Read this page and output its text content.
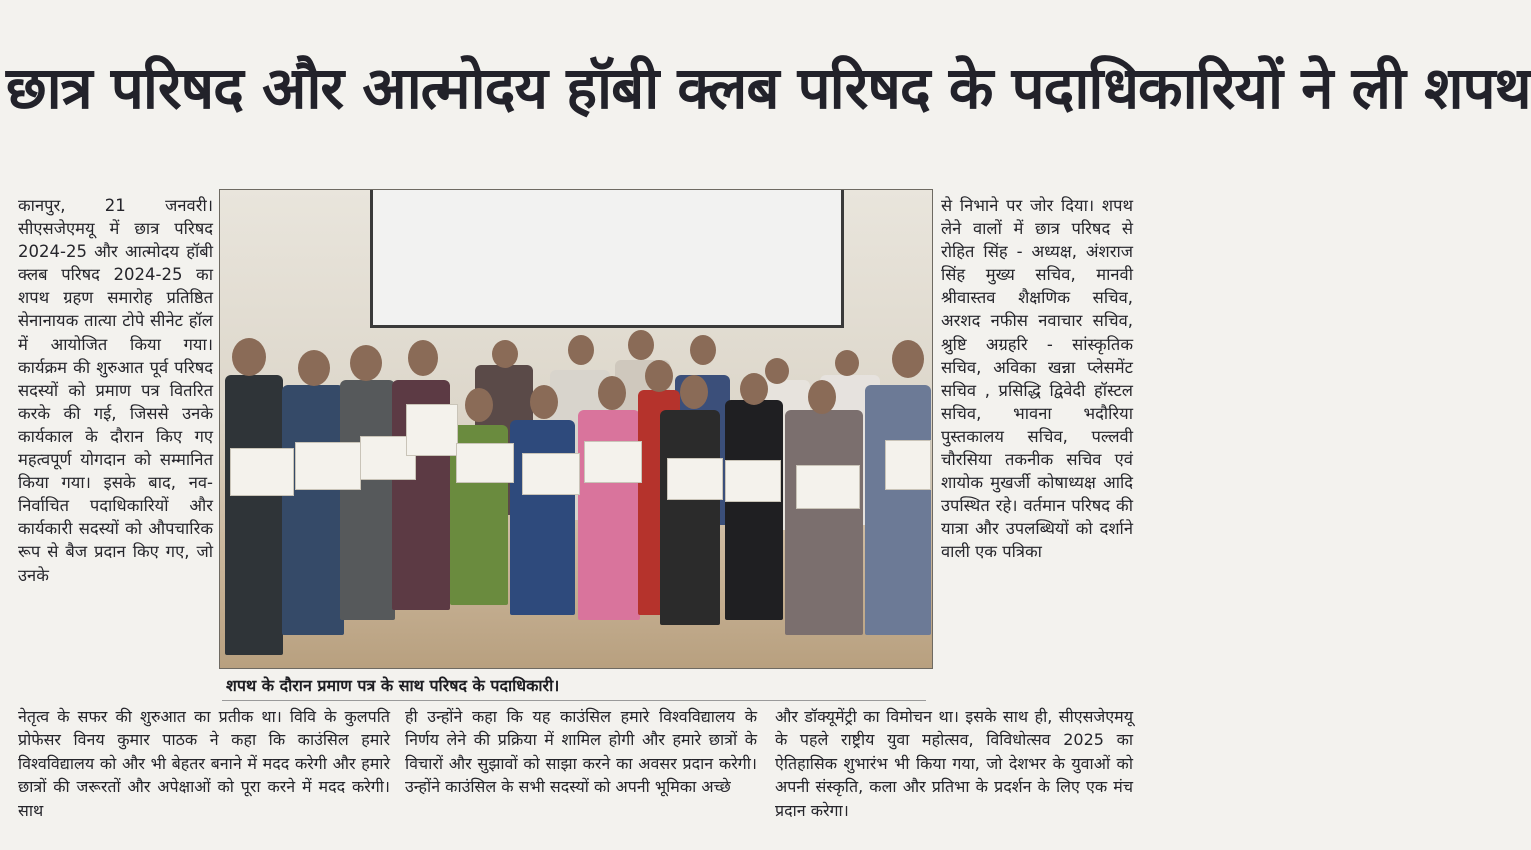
छात्र परिषद और आत्मोदय हॉबी क्लब परिषद के पदाधिकारियों ने ली शपथ

कानपुर, 21 जनवरी। सीएसजेएमयू में छात्र परिषद 2024-25 और आत्मोदय हॉबी क्लब परिषद 2024-25 का शपथ ग्रहण समारोह प्रतिष्ठित सेनानायक तात्या टोपे सीनेट हॉल में आयोजित किया गया। कार्यक्रम की शुरुआत पूर्व परिषद सदस्यों को प्रमाण पत्र वितरित करके की गई, जिससे उनके कार्यकाल के दौरान किए गए महत्वपूर्ण योगदान को सम्मानित किया गया। इसके बाद, नव-निर्वाचित पदाधिकारियों और कार्यकारी सदस्यों को औपचारिक रूप से बैज प्रदान किए गए, जो उनके

शपथ के दौरान प्रमाण पत्र के साथ परिषद के पदाधिकारी।

से निभाने पर जोर दिया। शपथ लेने वालों में छात्र परिषद से रोहित सिंह - अध्यक्ष, अंशराज सिंह मुख्य सचिव, मानवी श्रीवास्तव शैक्षणिक सचिव, अरशद नफीस नवाचार सचिव, श्रुष्टि अग्रहरि - सांस्कृतिक सचिव, अविका खन्ना प्लेसमेंट सचिव , प्रसिद्धि द्विवेदी हॉस्टल सचिव, भावना भदौरिया पुस्तकालय सचिव, पल्लवी चौरसिया तकनीक सचिव एवं शायोक मुखर्जी कोषाध्यक्ष आदि उपस्थित रहे। वर्तमान परिषद की यात्रा और उपलब्धियों को दर्शाने वाली एक पत्रिका

नेतृत्व के सफर की शुरुआत का प्रतीक था। विवि के कुलपति प्रोफेसर विनय कुमार पाठक ने कहा कि काउंसिल हमारे विश्वविद्यालय को और भी बेहतर बनाने में मदद करेगी और हमारे छात्रों की जरूरतों और अपेक्षाओं को पूरा करने में मदद करेगी। साथ

ही उन्होंने कहा कि यह काउंसिल हमारे विश्वविद्यालय के निर्णय लेने की प्रक्रिया में शामिल होगी और हमारे छात्रों के विचारों और सुझावों को साझा करने का अवसर प्रदान करेगी। उन्होंने काउंसिल के सभी सदस्यों को अपनी भूमिका अच्छे

और डॉक्यूमेंट्री का विमोचन था। इसके साथ ही, सीएसजेएमयू के पहले राष्ट्रीय युवा महोत्सव, विविधोत्सव 2025 का ऐतिहासिक शुभारंभ भी किया गया, जो देशभर के युवाओं को अपनी संस्कृति, कला और प्रतिभा के प्रदर्शन के लिए एक मंच प्रदान करेगा।
